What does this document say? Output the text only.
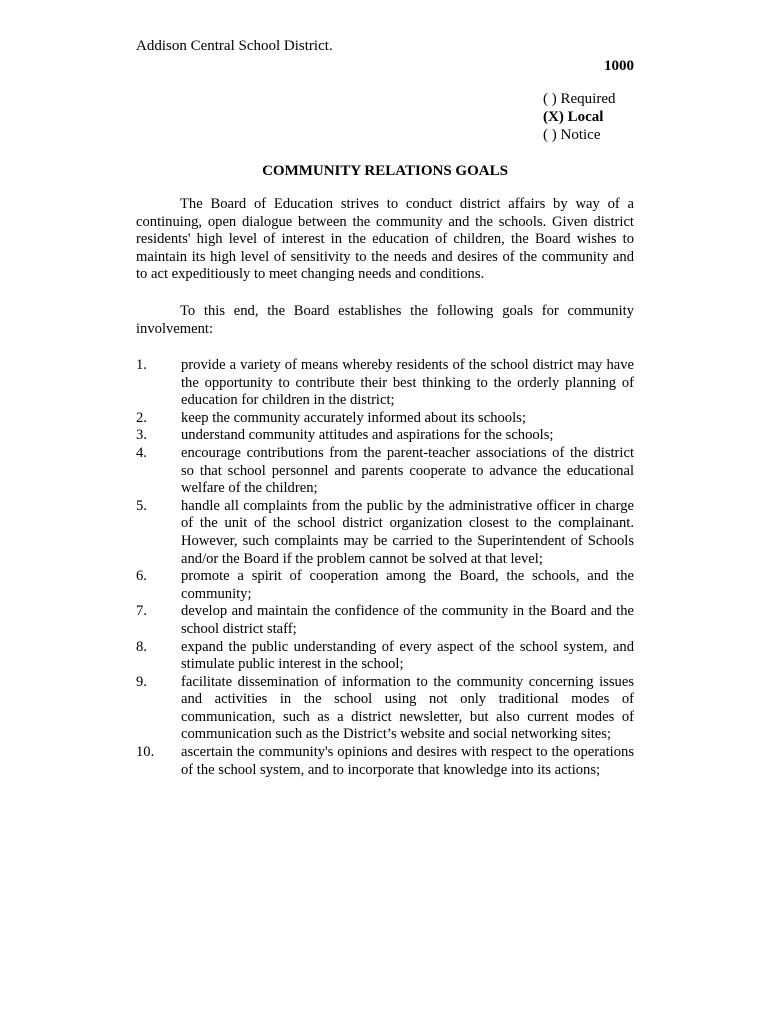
Addison Central School District.
1000
( ) Required
(X) Local
( ) Notice
COMMUNITY RELATIONS GOALS

The Board of Education strives to conduct district affairs by way of a continuing, open dialogue between the community and the schools. Given district residents' high level of interest in the education of children, the Board wishes to maintain its high level of sensitivity to the needs and desires of the community and to act expeditiously to meet changing needs and conditions.

To this end, the Board establishes the following goals for community involvement:

1.	provide a variety of means whereby residents of the school district may have the opportunity to contribute their best thinking to the orderly planning of education for children in the district;
2.	keep the community accurately informed about its schools;
3.	understand community attitudes and aspirations for the schools;
4.	encourage contributions from the parent-teacher associations of the district so that school personnel and parents cooperate to advance the educational welfare of the children;
5.	handle all complaints from the public by the administrative officer in charge of the unit of the school district organization closest to the complainant. However, such complaints may be carried to the Superintendent of Schools and/or the Board if the problem cannot be solved at that level;
6.	promote a spirit of cooperation among the Board, the schools, and the community;
7.	develop and maintain the confidence of the community in the Board and the school district staff;
8.	expand the public understanding of every aspect of the school system, and stimulate public interest in the school;
9.	facilitate dissemination of information to the community concerning issues and activities in the school using not only traditional modes of communication, such as a district newsletter, but also current modes of communication such as the District’s website and social networking sites;
10.	ascertain the community's opinions and desires with respect to the operations of the school system, and to incorporate that knowledge into its actions;
